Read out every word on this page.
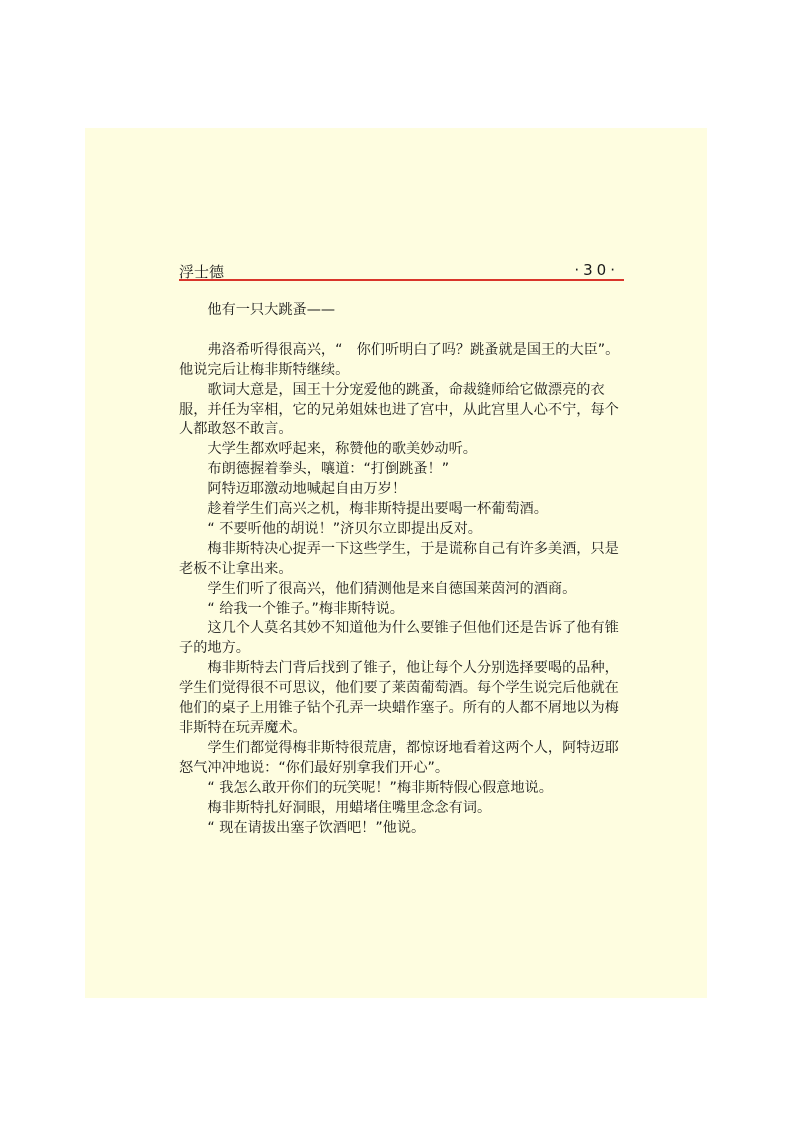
浮士德	·30·

他有一只大跳蚤——

弗洛希听得很高兴，“　你们听明白了吗？跳蚤就是国王的大臣”。他说完后让梅非斯特继续。

歌词大意是，国王十分宠爱他的跳蚤，命裁缝师给它做漂亮的衣服，并任为宰相，它的兄弟姐妹也进了宫中，从此宫里人心不宁，每个人都敢怒不敢言。

大学生都欢呼起来，称赞他的歌美妙动听。

布朗德握着拳头，嚷道：“打倒跳蚤！”

阿特迈耶激动地喊起自由万岁！

趁着学生们高兴之机，梅非斯特提出要喝一杯葡萄酒。

“ 不要听他的胡说！”济贝尔立即提出反对。

梅非斯特决心捉弄一下这些学生，于是谎称自己有许多美酒，只是老板不让拿出来。

学生们听了很高兴，他们猜测他是来自德国莱茵河的酒商。

“ 给我一个锥子。”梅非斯特说。

这几个人莫名其妙不知道他为什么要锥子但他们还是告诉了他有锥子的地方。

梅非斯特去门背后找到了锥子，他让每个人分别选择要喝的品种，学生们觉得很不可思议，他们要了莱茵葡萄酒。每个学生说完后他就在他们的桌子上用锥子钻个孔弄一块蜡作塞子。所有的人都不屑地以为梅非斯特在玩弄魔术。

学生们都觉得梅非斯特很荒唐，都惊讶地看着这两个人，阿特迈耶怒气冲冲地说：“你们最好别拿我们开心”。

“ 我怎么敢开你们的玩笑呢！”梅非斯特假心假意地说。

梅非斯特扎好洞眼，用蜡堵住嘴里念念有词。

“ 现在请拔出塞子饮酒吧！”他说。
